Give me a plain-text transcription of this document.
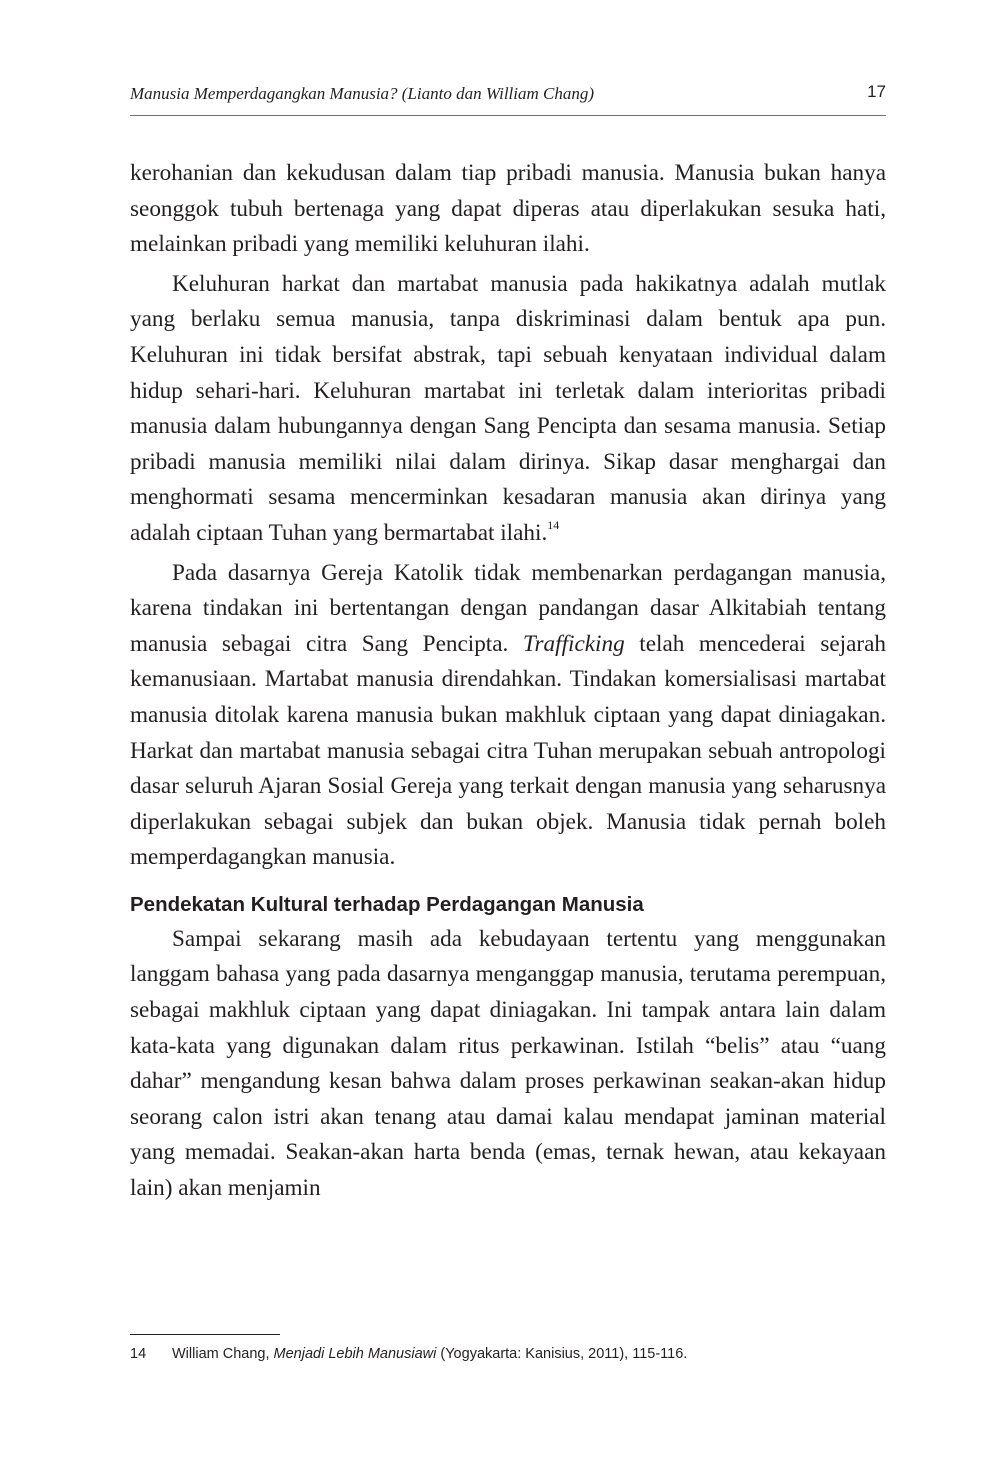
Manusia Memperdagangkan Manusia? (Lianto dan William Chang)	17

kerohanian dan kekudusan dalam tiap pribadi manusia. Manusia bukan hanya seonggok tubuh bertenaga yang dapat diperas atau diperlakukan sesuka hati, melainkan pribadi yang memiliki keluhuran ilahi.

Keluhuran harkat dan martabat manusia pada hakikatnya adalah mutlak yang berlaku semua manusia, tanpa diskriminasi dalam bentuk apa pun. Keluhuran ini tidak bersifat abstrak, tapi sebuah kenyataan individual dalam hidup sehari-hari. Keluhuran martabat ini terletak dalam interioritas pribadi manusia dalam hubungannya dengan Sang Pencipta dan sesama manusia. Setiap pribadi manusia memiliki nilai dalam dirinya. Sikap dasar menghargai dan menghormati sesama mencerminkan kesadaran manusia akan dirinya yang adalah ciptaan Tuhan yang bermartabat ilahi.$^{14}$

Pada dasarnya Gereja Katolik tidak membenarkan perdagangan manusia, karena tindakan ini bertentangan dengan pandangan dasar Alkitabiah tentang manusia sebagai citra Sang Pencipta. Trafficking telah mencederai sejarah kemanusiaan. Martabat manusia direndahkan. Tindakan komersialisasi martabat manusia ditolak karena manusia bukan makhluk ciptaan yang dapat diniagakan. Harkat dan martabat manusia sebagai citra Tuhan merupakan sebuah antropologi dasar seluruh Ajaran Sosial Gereja yang terkait dengan manusia yang seharusnya diperlakukan sebagai subjek dan bukan objek. Manusia tidak pernah boleh memperdagangkan manusia.

Pendekatan Kultural terhadap Perdagangan Manusia

Sampai sekarang masih ada kebudayaan tertentu yang menggunakan langgam bahasa yang pada dasarnya menganggap manusia, terutama perempuan, sebagai makhluk ciptaan yang dapat diniagakan. Ini tampak antara lain dalam kata-kata yang digunakan dalam ritus perkawinan. Istilah “belis” atau “uang dahar” mengandung kesan bahwa dalam proses perkawinan seakan-akan hidup seorang calon istri akan tenang atau damai kalau mendapat jaminan material yang memadai. Seakan-akan harta benda (emas, ternak hewan, atau kekayaan lain) akan menjamin

14 William Chang, Menjadi Lebih Manusiawi (Yogyakarta: Kanisius, 2011), 115-116.
